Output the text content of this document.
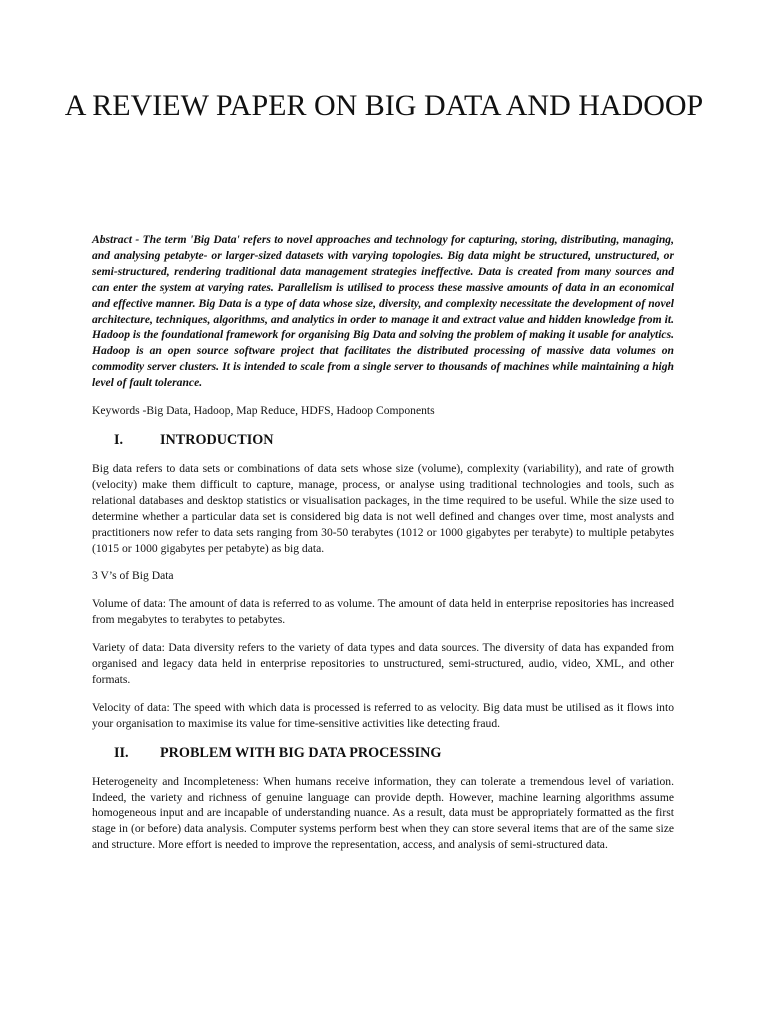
A REVIEW PAPER ON BIG DATA AND HADOOP

Abstract - The term 'Big Data' refers to novel approaches and technology for capturing, storing, distributing, managing, and analysing petabyte- or larger-sized datasets with varying topologies. Big data might be structured, unstructured, or semi-structured, rendering traditional data management strategies ineffective. Data is created from many sources and can enter the system at varying rates. Parallelism is utilised to process these massive amounts of data in an economical and effective manner. Big Data is a type of data whose size, diversity, and complexity necessitate the development of novel architecture, techniques, algorithms, and analytics in order to manage it and extract value and hidden knowledge from it. Hadoop is the foundational framework for organising Big Data and solving the problem of making it usable for analytics. Hadoop is an open source software project that facilitates the distributed processing of massive data volumes on commodity server clusters. It is intended to scale from a single server to thousands of machines while maintaining a high level of fault tolerance.

Keywords -Big Data, Hadoop, Map Reduce, HDFS, Hadoop Components

I.	INTRODUCTION

Big data refers to data sets or combinations of data sets whose size (volume), complexity (variability), and rate of growth (velocity) make them difficult to capture, manage, process, or analyse using traditional technologies and tools, such as relational databases and desktop statistics or visualisation packages, in the time required to be useful. While the size used to determine whether a particular data set is considered big data is not well defined and changes over time, most analysts and practitioners now refer to data sets ranging from 30-50 terabytes (1012 or 1000 gigabytes per terabyte) to multiple petabytes (1015 or 1000 gigabytes per petabyte) as big data.

3 V’s of Big Data

Volume of data: The amount of data is referred to as volume. The amount of data held in enterprise repositories has increased from megabytes to terabytes to petabytes.

Variety of data: Data diversity refers to the variety of data types and data sources. The diversity of data has expanded from organised and legacy data held in enterprise repositories to unstructured, semi-structured, audio, video, XML, and other formats.

Velocity of data: The speed with which data is processed is referred to as velocity. Big data must be utilised as it flows into your organisation to maximise its value for time-sensitive activities like detecting fraud.

II.	PROBLEM WITH BIG DATA PROCESSING

Heterogeneity and Incompleteness: When humans receive information, they can tolerate a tremendous level of variation. Indeed, the variety and richness of genuine language can provide depth. However, machine learning algorithms assume homogeneous input and are incapable of understanding nuance. As a result, data must be appropriately formatted as the first stage in (or before) data analysis. Computer systems perform best when they can store several items that are of the same size and structure. More effort is needed to improve the representation, access, and analysis of semi-structured data.
